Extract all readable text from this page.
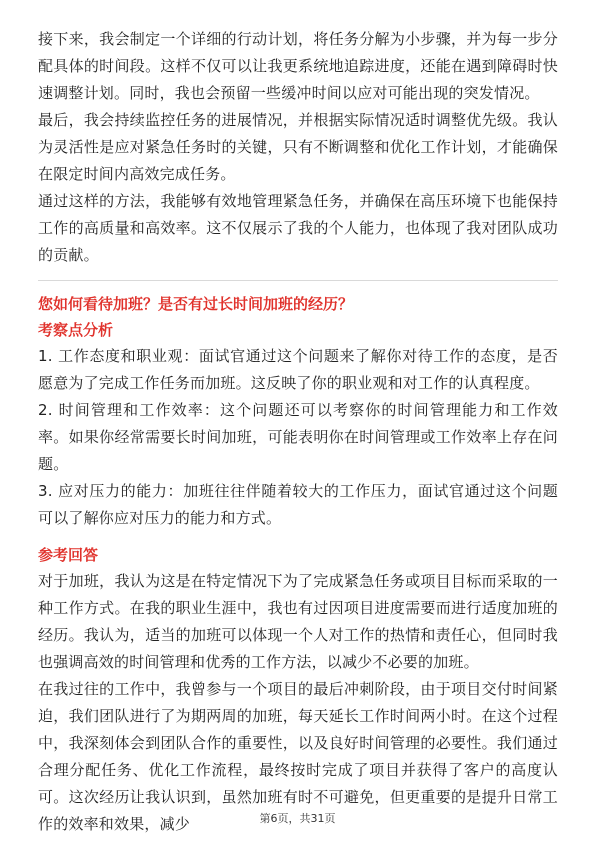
接下来，我会制定一个详细的行动计划，将任务分解为小步骤，并为每一步分配具体的时间段。这样不仅可以让我更系统地追踪进度，还能在遇到障碍时快速调整计划。同时，我也会预留一些缓冲时间以应对可能出现的突发情况。

最后，我会持续监控任务的进展情况，并根据实际情况适时调整优先级。我认为灵活性是应对紧急任务时的关键，只有不断调整和优化工作计划，才能确保在限定时间内高效完成任务。

通过这样的方法，我能够有效地管理紧急任务，并确保在高压环境下也能保持工作的高质量和高效率。这不仅展示了我的个人能力，也体现了我对团队成功的贡献。

您如何看待加班？是否有过长时间加班的经历？
考察点分析

1. 工作态度和职业观：面试官通过这个问题来了解你对待工作的态度，是否愿意为了完成工作任务而加班。这反映了你的职业观和对工作的认真程度。

2. 时间管理和工作效率：这个问题还可以考察你的时间管理能力和工作效率。如果你经常需要长时间加班，可能表明你在时间管理或工作效率上存在问题。

3. 应对压力的能力：加班往往伴随着较大的工作压力，面试官通过这个问题可以了解你应对压力的能力和方式。

参考回答

对于加班，我认为这是在特定情况下为了完成紧急任务或项目目标而采取的一种工作方式。在我的职业生涯中，我也有过因项目进度需要而进行适度加班的经历。我认为，适当的加班可以体现一个人对工作的热情和责任心，但同时我也强调高效的时间管理和优秀的工作方法，以减少不必要的加班。

在我过往的工作中，我曾参与一个项目的最后冲刺阶段，由于项目交付时间紧迫，我们团队进行了为期两周的加班，每天延长工作时间两小时。在这个过程中，我深刻体会到团队合作的重要性，以及良好时间管理的必要性。我们通过合理分配任务、优化工作流程，最终按时完成了项目并获得了客户的高度认可。这次经历让我认识到，虽然加班有时不可避免，但更重要的是提升日常工作的效率和效果，减少	第6页，共31页
